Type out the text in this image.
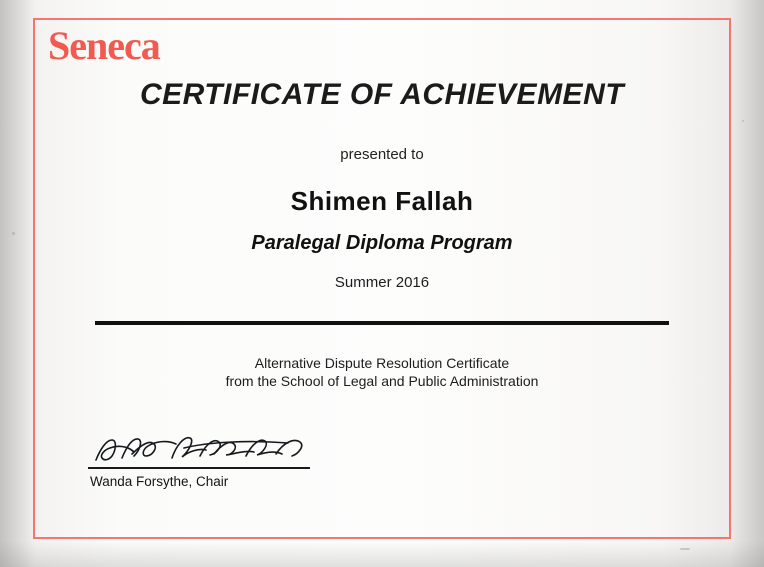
Seneca
CERTIFICATE OF ACHIEVEMENT
presented to
Shimen Fallah
Paralegal Diploma Program
Summer 2016
Alternative Dispute Resolution Certificate
from the School of Legal and Public Administration
Wanda Forsythe, Chair
